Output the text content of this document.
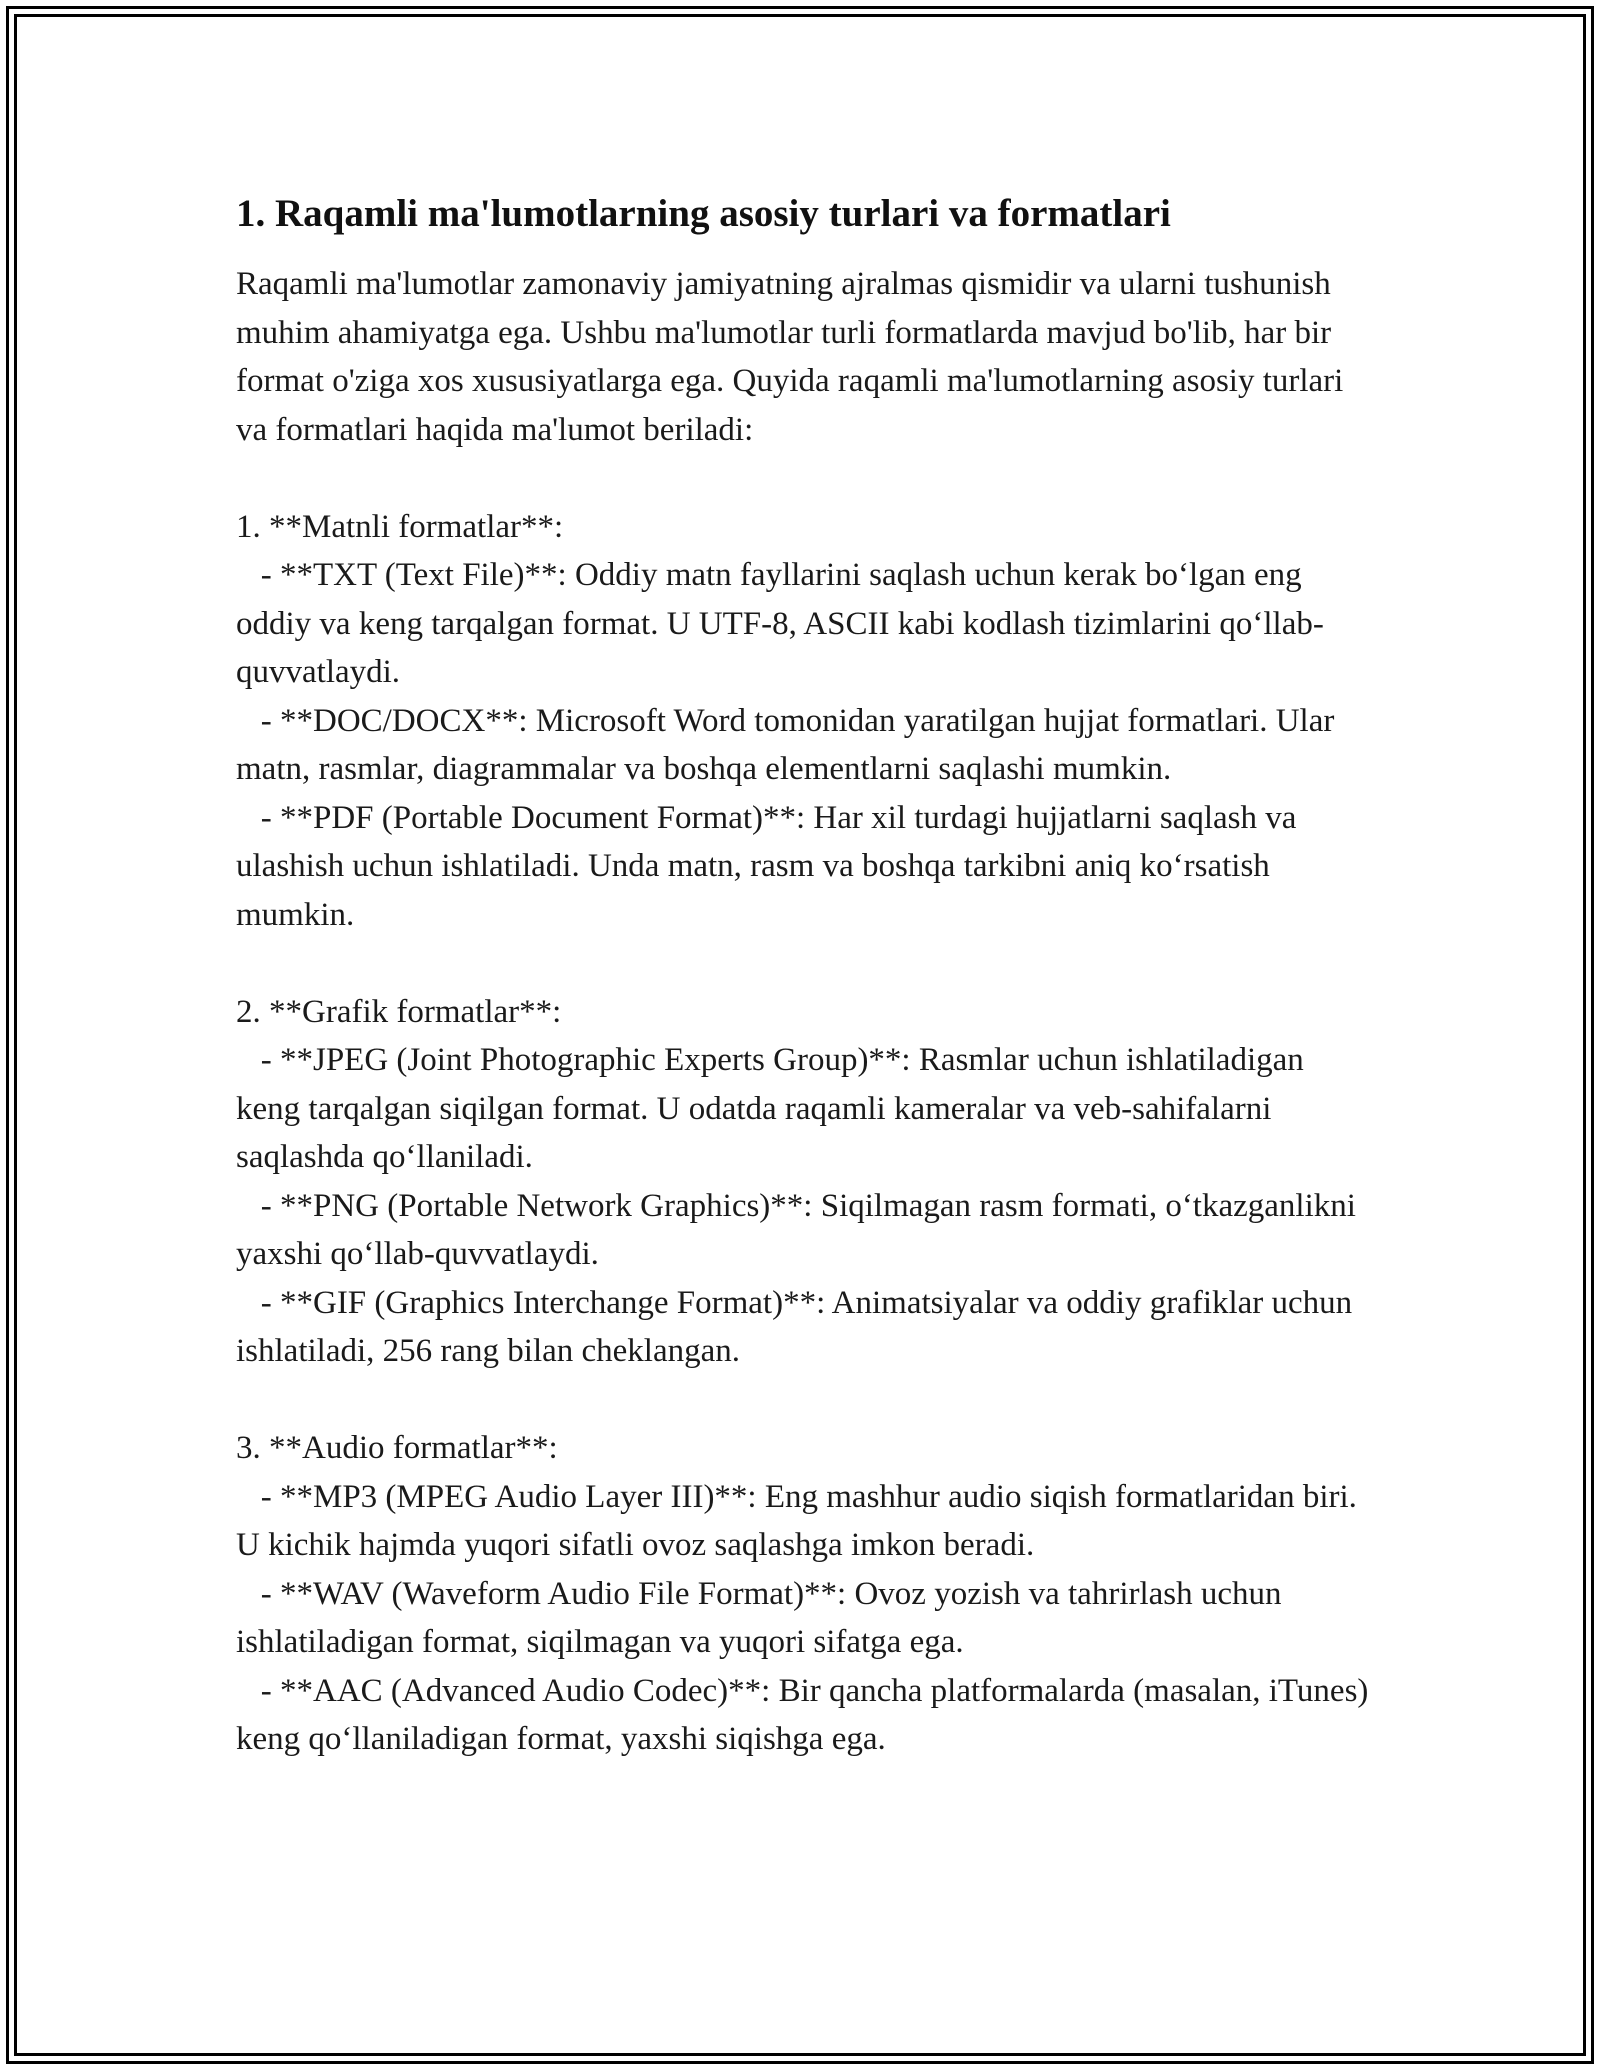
1. Raqamli ma'lumotlarning asosiy turlari va formatlari

Raqamli ma'lumotlar zamonaviy jamiyatning ajralmas qismidir va ularni tushunish muhim ahamiyatga ega. Ushbu ma'lumotlar turli formatlarda mavjud bo'lib, har bir format o'ziga xos xususiyatlarga ega. Quyida raqamli ma'lumotlarning asosiy turlari va formatlari haqida ma'lumot beriladi:

1. **Matnli formatlar**:

- **TXT (Text File)**: Oddiy matn fayllarini saqlash uchun kerak bo‘lgan eng oddiy va keng tarqalgan format. U UTF-8, ASCII kabi kodlash tizimlarini qo‘llab-quvvatlaydi.

- **DOC/DOCX**: Microsoft Word tomonidan yaratilgan hujjat formatlari. Ular matn, rasmlar, diagrammalar va boshqa elementlarni saqlashi mumkin.

- **PDF (Portable Document Format)**: Har xil turdagi hujjatlarni saqlash va ulashish uchun ishlatiladi. Unda matn, rasm va boshqa tarkibni aniq ko‘rsatish mumkin.

2. **Grafik formatlar**:

- **JPEG (Joint Photographic Experts Group)**: Rasmlar uchun ishlatiladigan keng tarqalgan siqilgan format. U odatda raqamli kameralar va veb-sahifalarni saqlashda qo‘llaniladi.

- **PNG (Portable Network Graphics)**: Siqilmagan rasm formati, o‘tkazganlikni yaxshi qo‘llab-quvvatlaydi.

- **GIF (Graphics Interchange Format)**: Animatsiyalar va oddiy grafiklar uchun ishlatiladi, 256 rang bilan cheklangan.

3. **Audio formatlar**:

- **MP3 (MPEG Audio Layer III)**: Eng mashhur audio siqish formatlaridan biri. U kichik hajmda yuqori sifatli ovoz saqlashga imkon beradi.

- **WAV (Waveform Audio File Format)**: Ovoz yozish va tahrirlash uchun ishlatiladigan format, siqilmagan va yuqori sifatga ega.

- **AAC (Advanced Audio Codec)**: Bir qancha platformalarda (masalan, iTunes) keng qo‘llaniladigan format, yaxshi siqishga ega.
